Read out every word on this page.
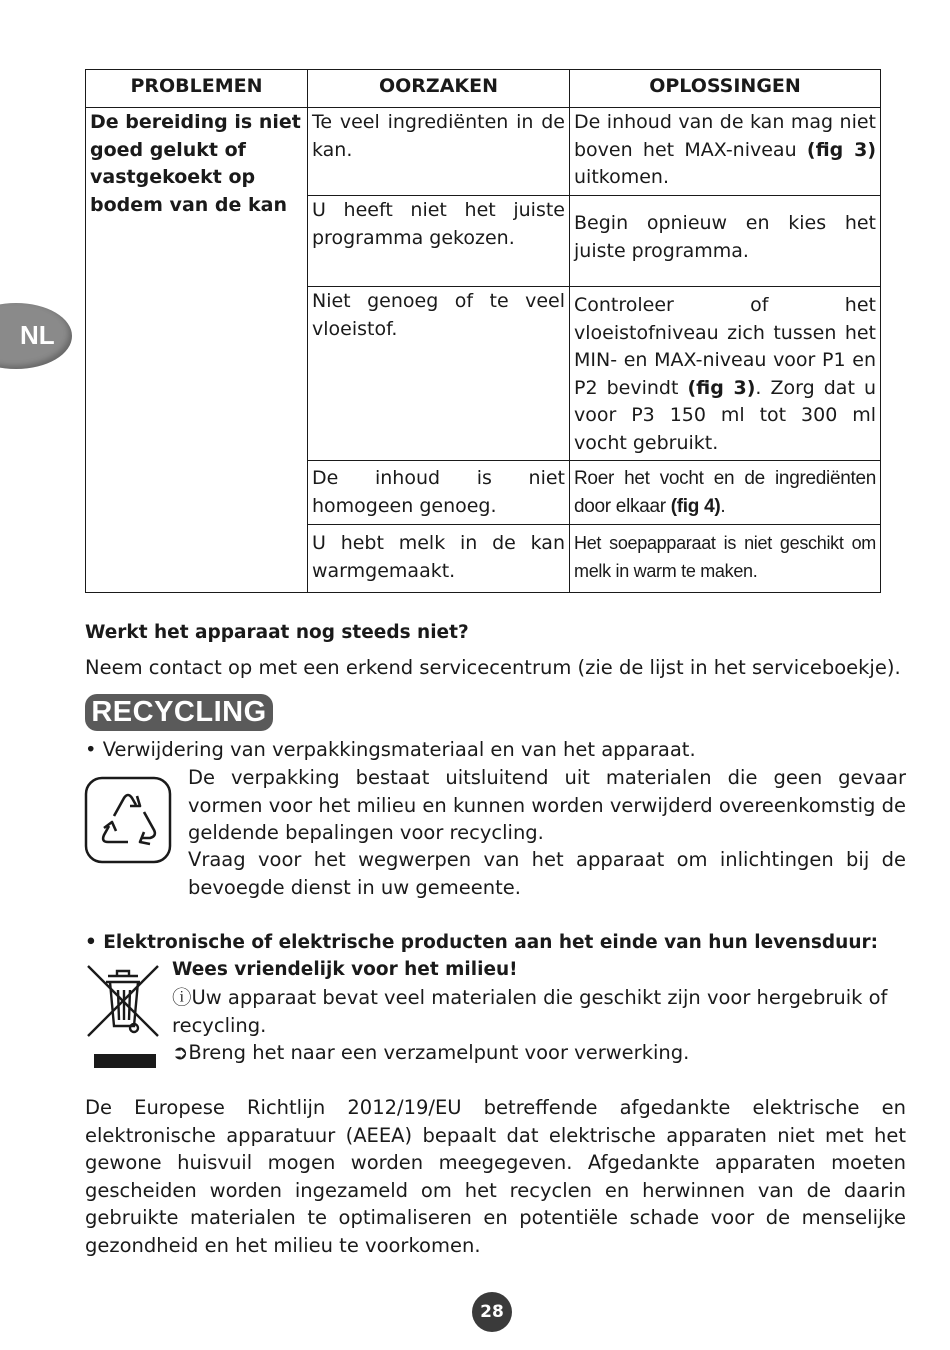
NL
PROBLEMEN	OORZAKEN	OPLOSSINGEN
De bereiding is niet goed gelukt of vastgekoekt op bodem van de kan	Te veel ingrediënten in de kan.	De inhoud van de kan mag niet boven het MAX-niveau (fig 3) uitkomen.
	U heeft niet het juiste programma gekozen.	Begin opnieuw en kies het juiste programma.
	Niet genoeg of te veel vloeistof.	Controleer of het vloeistofniveau zich tussen het MIN- en MAX-niveau voor P1 en P2 bevindt (fig 3). Zorg dat u voor P3 150 ml tot 300 ml vocht gebruikt.
	De inhoud is niet homogeen genoeg.	Roer het vocht en de ingrediënten door elkaar (fig 4).
	U hebt melk in de kan warmgemaakt.	Het soepapparaat is niet geschikt om melk in warm te maken.
Werkt het apparaat nog steeds niet?
Neem contact op met een erkend servicecentrum (zie de lijst in het serviceboekje).
RECYCLING
• Verwijdering van verpakkingsmateriaal en van het apparaat.
De verpakking bestaat uitsluitend uit materialen die geen gevaar vormen voor het milieu en kunnen worden verwijderd overeenkomstig de geldende bepalingen voor recycling.
Vraag voor het wegwerpen van het apparaat om inlichtingen bij de bevoegde dienst in uw gemeente.
• Elektronische of elektrische producten aan het einde van hun levensduur:
Wees vriendelijk voor het milieu!
ⓘUw apparaat bevat veel materialen die geschikt zijn voor hergebruik of recycling.
➲Breng het naar een verzamelpunt voor verwerking.
De Europese Richtlijn 2012/19/EU betreffende afgedankte elektrische en elektronische apparatuur (AEEA) bepaalt dat elektrische apparaten niet met het gewone huisvuil mogen worden meegegeven. Afgedankte apparaten moeten gescheiden worden ingezameld om het recyclen en herwinnen van de daarin gebruikte materialen te optimaliseren en potentiële schade voor de menselijke gezondheid en het milieu te voorkomen.
28
